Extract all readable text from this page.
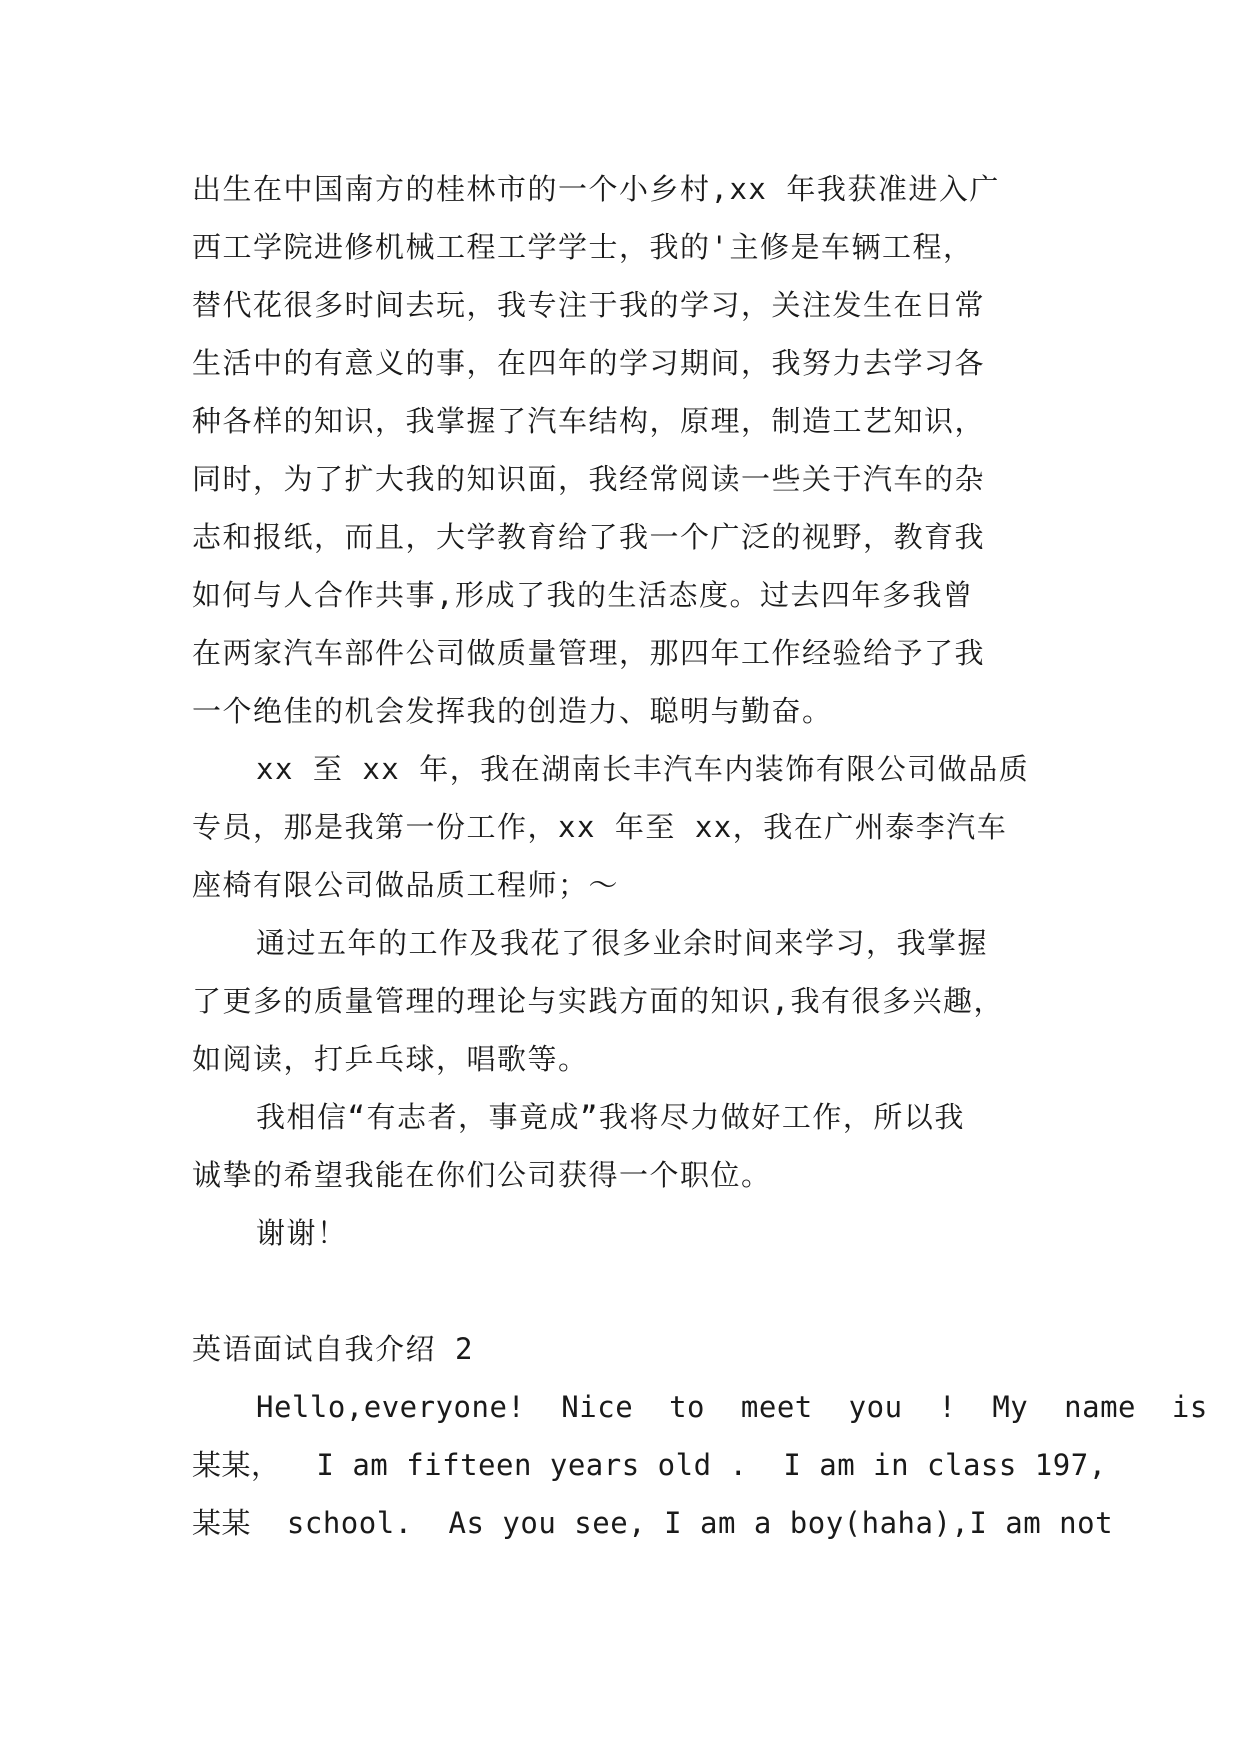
出生在中国南方的桂林市的一个小乡村,xx 年我获准进入广
西工学院进修机械工程工学学士，我的'主修是车辆工程，
替代花很多时间去玩，我专注于我的学习，关注发生在日常
生活中的有意义的事，在四年的学习期间，我努力去学习各
种各样的知识，我掌握了汽车结构，原理，制造工艺知识，
同时，为了扩大我的知识面，我经常阅读一些关于汽车的杂
志和报纸，而且，大学教育给了我一个广泛的视野，教育我
如何与人合作共事,形成了我的生活态度。过去四年多我曾
在两家汽车部件公司做质量管理，那四年工作经验给予了我
一个绝佳的机会发挥我的创造力、聪明与勤奋。
xx 至 xx 年，我在湖南长丰汽车内装饰有限公司做品质
专员，那是我第一份工作，xx 年至 xx，我在广州泰李汽车
座椅有限公司做品质工程师；～
通过五年的工作及我花了很多业余时间来学习，我掌握
了更多的质量管理的理论与实践方面的知识,我有很多兴趣，
如阅读，打乒乓球，唱歌等。
我相信“有志者，事竟成”我将尽力做好工作，所以我
诚挚的希望我能在你们公司获得一个职位。
谢谢！
英语面试自我介绍 2
Hello,everyone!  Nice  to  meet  you  !  My  name  is
某某，  I am fifteen years old .  I am in class 197,
某某  school.  As you see, I am a boy(haha),I am not
